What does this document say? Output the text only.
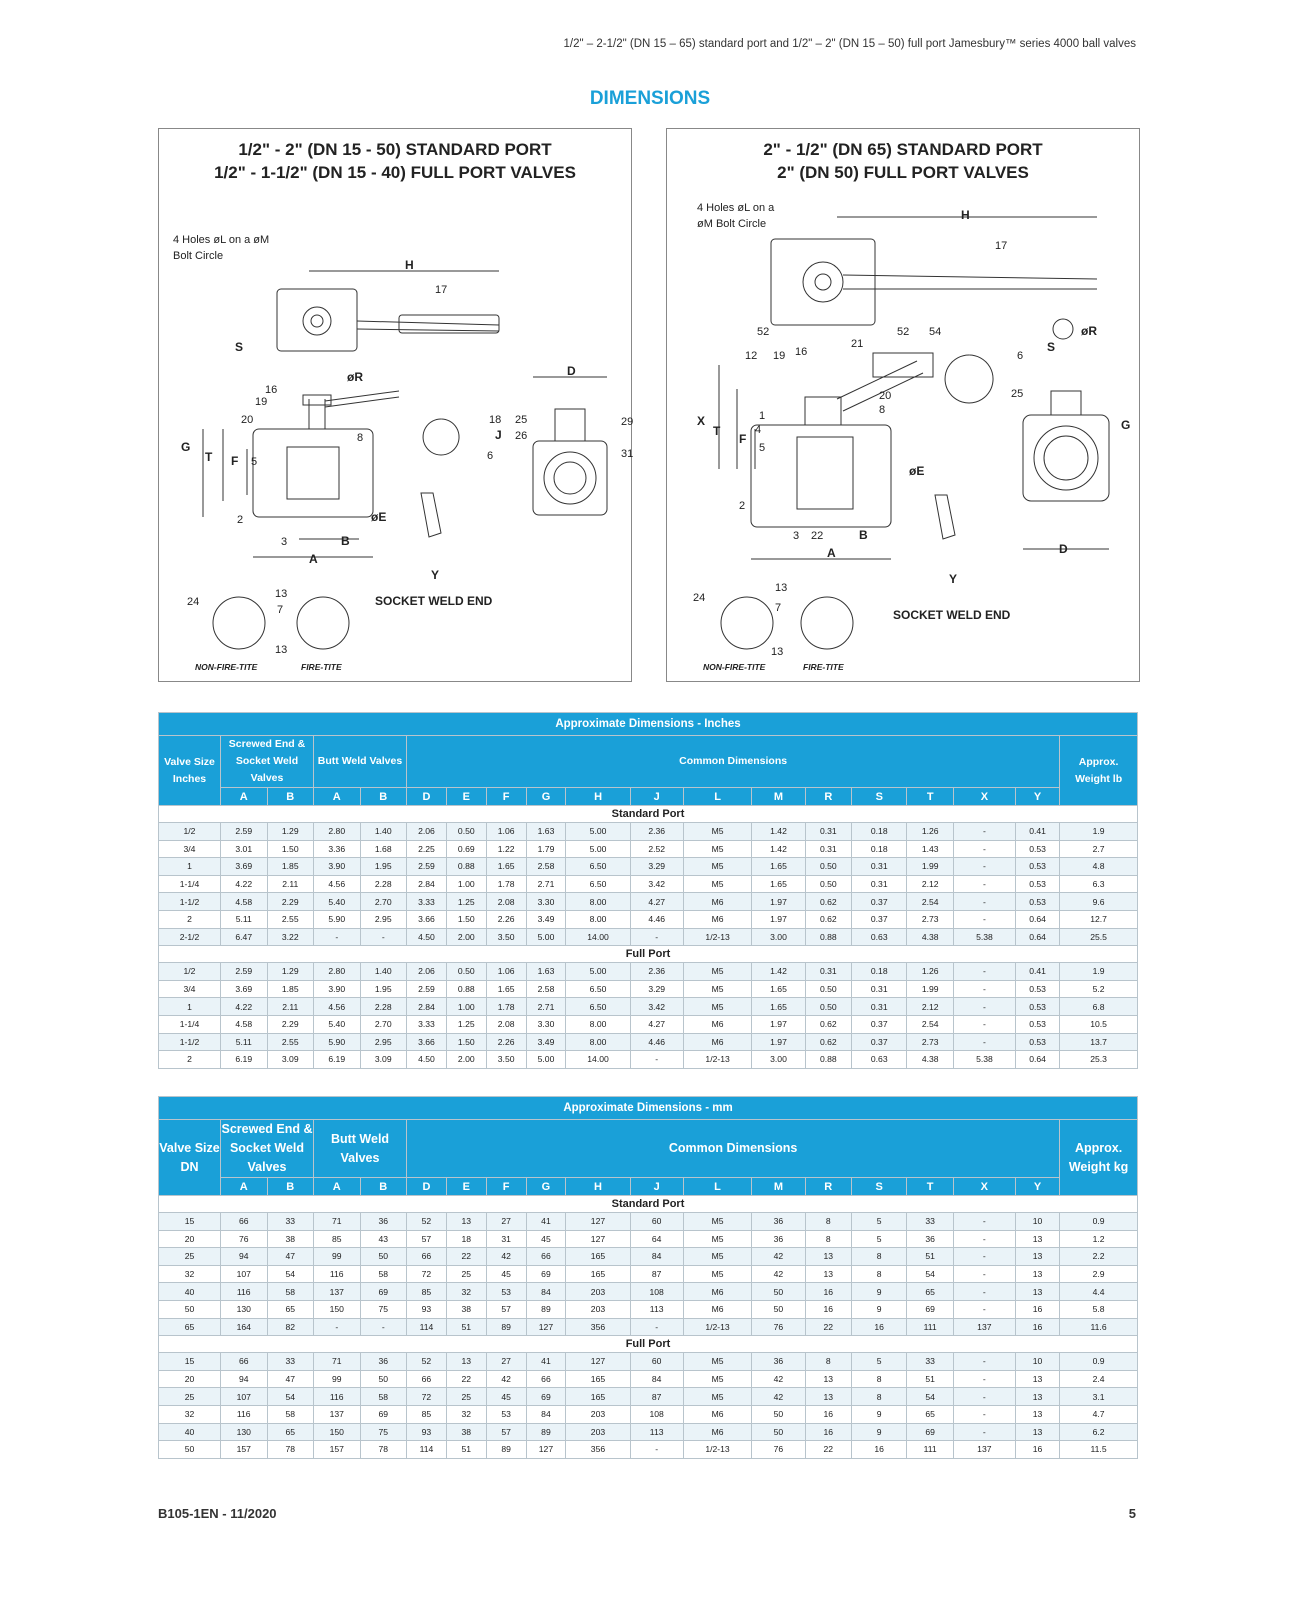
1/2" – 2-1/2" (DN 15 – 65) standard port and 1/2" – 2" (DN 15 – 50) full port Jamesbury™ series 4000 ball valves
DIMENSIONS
1/2" - 2" (DN 15 - 50) STANDARD PORT
1/2" - 1-1/2" (DN 15 - 40) FULL PORT VALVES
4 Holes øL on a øM
Bolt Circle
H
17
S
øR
16
19
20
G
T F 5
8
18 25
J 26
6
29
31
D
2	øE
3	B
A
Y
13
7
24
13
SOCKET WELD END
NON-FIRE-TITE	FIRE-TITE
2" - 1/2" (DN 65) STANDARD PORT
2" (DN 50) FULL PORT VALVES
4 Holes øL on a
øM Bolt Circle
H
17
øR
S
52	52 54
12 19 16
21
6
25
G
20
8
X
T
1
4
F
5
øE
2
3 22	B
A	D
Y
13
7
24
13
SOCKET WELD END
NON-FIRE-TITE	FIRE-TITE
Approximate Dimensions - Inches																		
Valve Size Inches	Screwed End & Socket Weld Valves		Butt Weld Valves		Common Dimensions													Approx. Weight lb
	A	B	A	B	D	E	F	G	H	J	L	M	R	S	T	X	Y	
Standard Port																		
1/2	2.59	1.29	2.80	1.40	2.06	0.50	1.06	1.63	5.00	2.36	M5	1.42	0.31	0.18	1.26	-	0.41	1.9
3/4	3.01	1.50	3.36	1.68	2.25	0.69	1.22	1.79	5.00	2.52	M5	1.42	0.31	0.18	1.43	-	0.53	2.7
1	3.69	1.85	3.90	1.95	2.59	0.88	1.65	2.58	6.50	3.29	M5	1.65	0.50	0.31	1.99	-	0.53	4.8
1-1/4	4.22	2.11	4.56	2.28	2.84	1.00	1.78	2.71	6.50	3.42	M5	1.65	0.50	0.31	2.12	-	0.53	6.3
1-1/2	4.58	2.29	5.40	2.70	3.33	1.25	2.08	3.30	8.00	4.27	M6	1.97	0.62	0.37	2.54	-	0.53	9.6
2	5.11	2.55	5.90	2.95	3.66	1.50	2.26	3.49	8.00	4.46	M6	1.97	0.62	0.37	2.73	-	0.64	12.7
2-1/2	6.47	3.22	-	-	4.50	2.00	3.50	5.00	14.00	-	1/2-13	3.00	0.88	0.63	4.38	5.38	0.64	25.5
Full Port																		
1/2	2.59	1.29	2.80	1.40	2.06	0.50	1.06	1.63	5.00	2.36	M5	1.42	0.31	0.18	1.26	-	0.41	1.9
3/4	3.69	1.85	3.90	1.95	2.59	0.88	1.65	2.58	6.50	3.29	M5	1.65	0.50	0.31	1.99	-	0.53	5.2
1	4.22	2.11	4.56	2.28	2.84	1.00	1.78	2.71	6.50	3.42	M5	1.65	0.50	0.31	2.12	-	0.53	6.8
1-1/4	4.58	2.29	5.40	2.70	3.33	1.25	2.08	3.30	8.00	4.27	M6	1.97	0.62	0.37	2.54	-	0.53	10.5
1-1/2	5.11	2.55	5.90	2.95	3.66	1.50	2.26	3.49	8.00	4.46	M6	1.97	0.62	0.37	2.73	-	0.53	13.7
2	6.19	3.09	6.19	3.09	4.50	2.00	3.50	5.00	14.00	-	1/2-13	3.00	0.88	0.63	4.38	5.38	0.64	25.3
Approximate Dimensions - mm																		
Valve Size DN	Screwed End & Socket Weld Valves		Butt Weld Valves		Common Dimensions													Approx. Weight kg
	A	B	A	B	D	E	F	G	H	J	L	M	R	S	T	X	Y	
Standard Port																		
15	66	33	71	36	52	13	27	41	127	60	M5	36	8	5	33	-	10	0.9
20	76	38	85	43	57	18	31	45	127	64	M5	36	8	5	36	-	13	1.2
25	94	47	99	50	66	22	42	66	165	84	M5	42	13	8	51	-	13	2.2
32	107	54	116	58	72	25	45	69	165	87	M5	42	13	8	54	-	13	2.9
40	116	58	137	69	85	32	53	84	203	108	M6	50	16	9	65	-	13	4.4
50	130	65	150	75	93	38	57	89	203	113	M6	50	16	9	69	-	16	5.8
65	164	82	-	-	114	51	89	127	356	-	1/2-13	76	22	16	111	137	16	11.6
Full Port																		
15	66	33	71	36	52	13	27	41	127	60	M5	36	8	5	33	-	10	0.9
20	94	47	99	50	66	22	42	66	165	84	M5	42	13	8	51	-	13	2.4
25	107	54	116	58	72	25	45	69	165	87	M5	42	13	8	54	-	13	3.1
32	116	58	137	69	85	32	53	84	203	108	M6	50	16	9	65	-	13	4.7
40	130	65	150	75	93	38	57	89	203	113	M6	50	16	9	69	-	13	6.2
50	157	78	157	78	114	51	89	127	356	-	1/2-13	76	22	16	111	137	16	11.5
B105-1EN - 11/2020	5
